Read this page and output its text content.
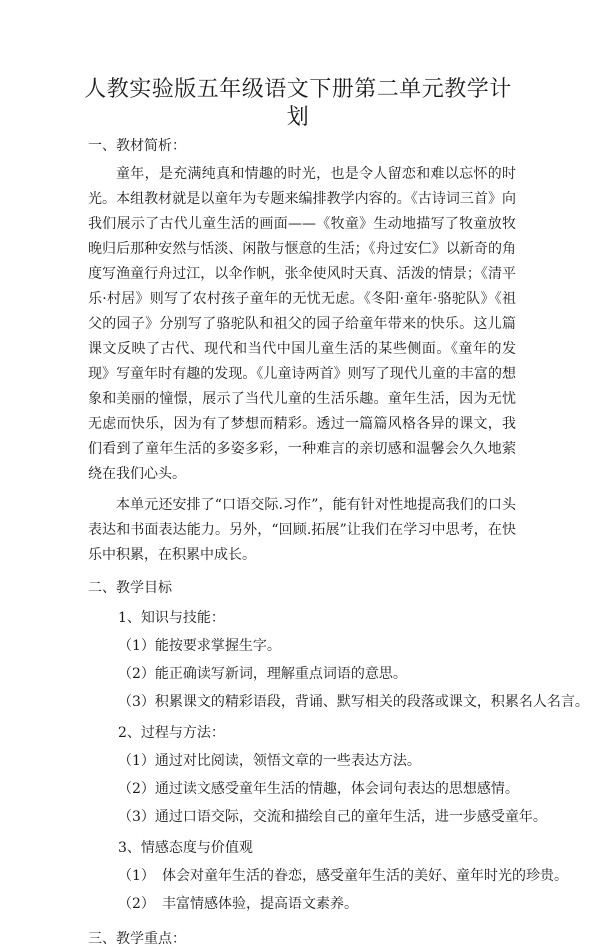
人教实验版五年级语文下册第二单元教学计划

一、教材简析：

童年，是充满纯真和情趣的时光，也是令人留恋和难以忘怀的时光。本组教材就是以童年为专题来编排教学内容的。《古诗词三首》向我们展示了古代儿童生活的画面——《牧童》生动地描写了牧童放牧晚归后那种安然与恬淡、闲散与惬意的生活；《舟过安仁》以新奇的角度写渔童行舟过江，以伞作帆，张伞使风时天真、活泼的情景；《清平乐·村居》则写了农村孩子童年的无忧无虑。《冬阳·童年·骆驼队》《祖父的园子》分别写了骆驼队和祖父的园子给童年带来的快乐。这儿篇课文反映了古代、现代和当代中国儿童生活的某些侧面。《童年的发现》写童年时有趣的发现。《儿童诗两首》则写了现代儿童的丰富的想象和美丽的憧憬，展示了当代儿童的生活乐趣。童年生活，因为无忧无虑而快乐，因为有了梦想而精彩。透过一篇篇风格各异的课文，我们看到了童年生活的多姿多彩，一种难言的亲切感和温馨会久久地萦绕在我们心头。

本单元还安排了“口语交际.习作”，能有针对性地提高我们的口头表达和书面表达能力。另外，“回顾.拓展”让我们在学习中思考，在快乐中积累，在积累中成长。

二、教学目标

1、知识与技能：

（1）能按要求掌握生字。

（2）能正确读写新词，理解重点词语的意思。

（3）积累课文的精彩语段，背诵、默写相关的段落或课文，积累名人名言。

2、过程与方法：

（1）通过对比阅读，领悟文章的一些表达方法。

（2）通过读文感受童年生活的情趣，体会词句表达的思想感情。

（3）通过口语交际，交流和描绘自己的童年生活，进一步感受童年。

3、情感态度与价值观

（1） 体会对童年生活的眷恋，感受童年生活的美好、童年时光的珍贵。

（2） 丰富情感体验，提高语文素养。

三、教学重点：
